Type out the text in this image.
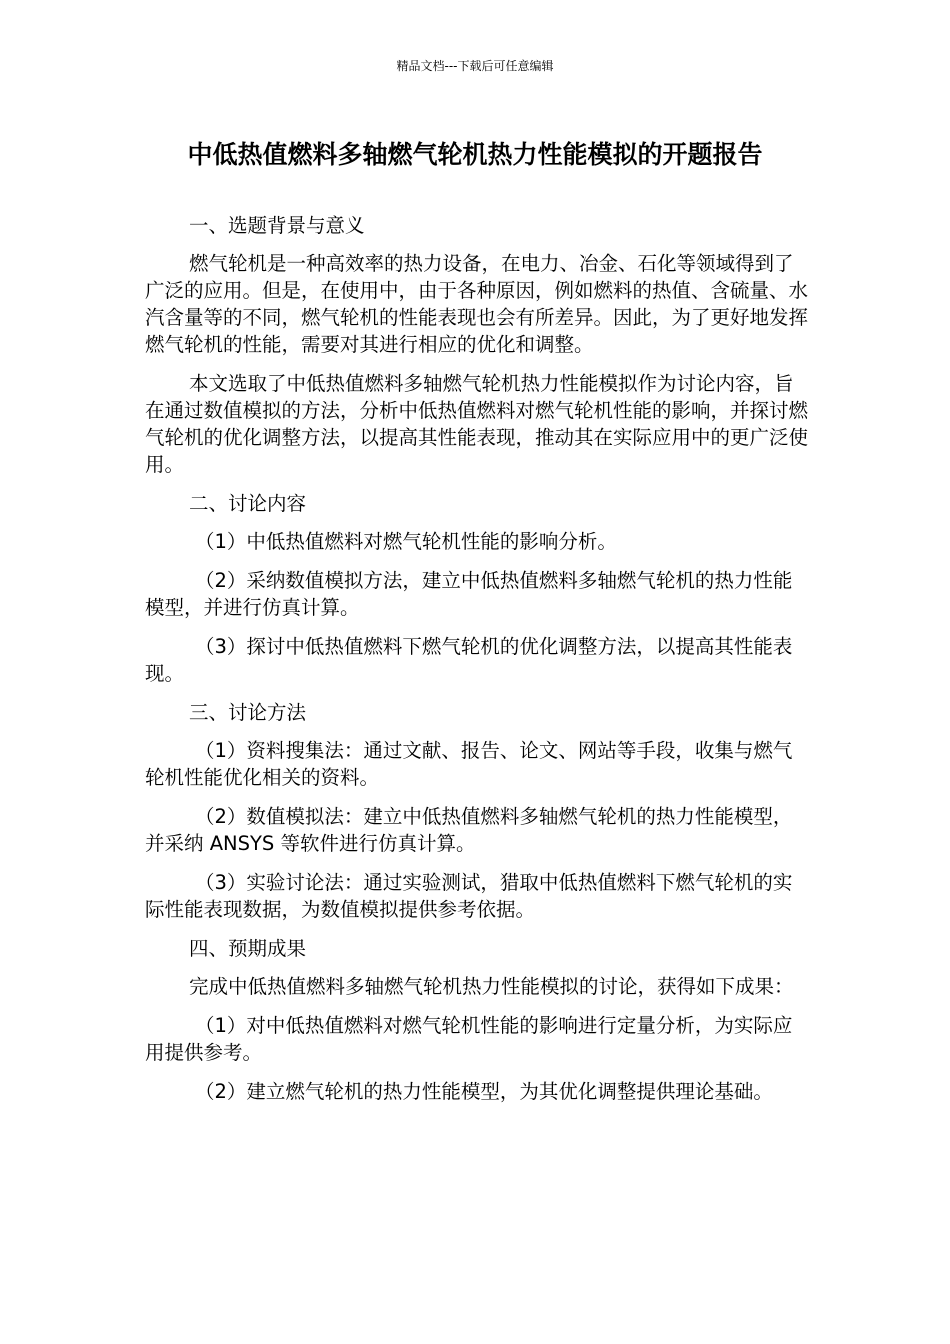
精品文档---下载后可任意编辑
中低热值燃料多轴燃气轮机热力性能模拟的开题报告

一、选题背景与意义

燃气轮机是一种高效率的热力设备，在电力、冶金、石化等领域得到了广泛的应用。但是，在使用中，由于各种原因，例如燃料的热值、含硫量、水汽含量等的不同，燃气轮机的性能表现也会有所差异。因此，为了更好地发挥燃气轮机的性能，需要对其进行相应的优化和调整。

本文选取了中低热值燃料多轴燃气轮机热力性能模拟作为讨论内容，旨在通过数值模拟的方法，分析中低热值燃料对燃气轮机性能的影响，并探讨燃气轮机的优化调整方法，以提高其性能表现，推动其在实际应用中的更广泛使用。

二、讨论内容

（1）中低热值燃料对燃气轮机性能的影响分析。

（2）采纳数值模拟方法，建立中低热值燃料多轴燃气轮机的热力性能模型，并进行仿真计算。

（3）探讨中低热值燃料下燃气轮机的优化调整方法，以提高其性能表现。

三、讨论方法

（1）资料搜集法：通过文献、报告、论文、网站等手段，收集与燃气轮机性能优化相关的资料。

（2）数值模拟法：建立中低热值燃料多轴燃气轮机的热力性能模型，并采纳 ANSYS 等软件进行仿真计算。

（3）实验讨论法：通过实验测试，猎取中低热值燃料下燃气轮机的实际性能表现数据，为数值模拟提供参考依据。

四、预期成果

完成中低热值燃料多轴燃气轮机热力性能模拟的讨论，获得如下成果：

（1）对中低热值燃料对燃气轮机性能的影响进行定量分析，为实际应用提供参考。

（2）建立燃气轮机的热力性能模型，为其优化调整提供理论基础。
